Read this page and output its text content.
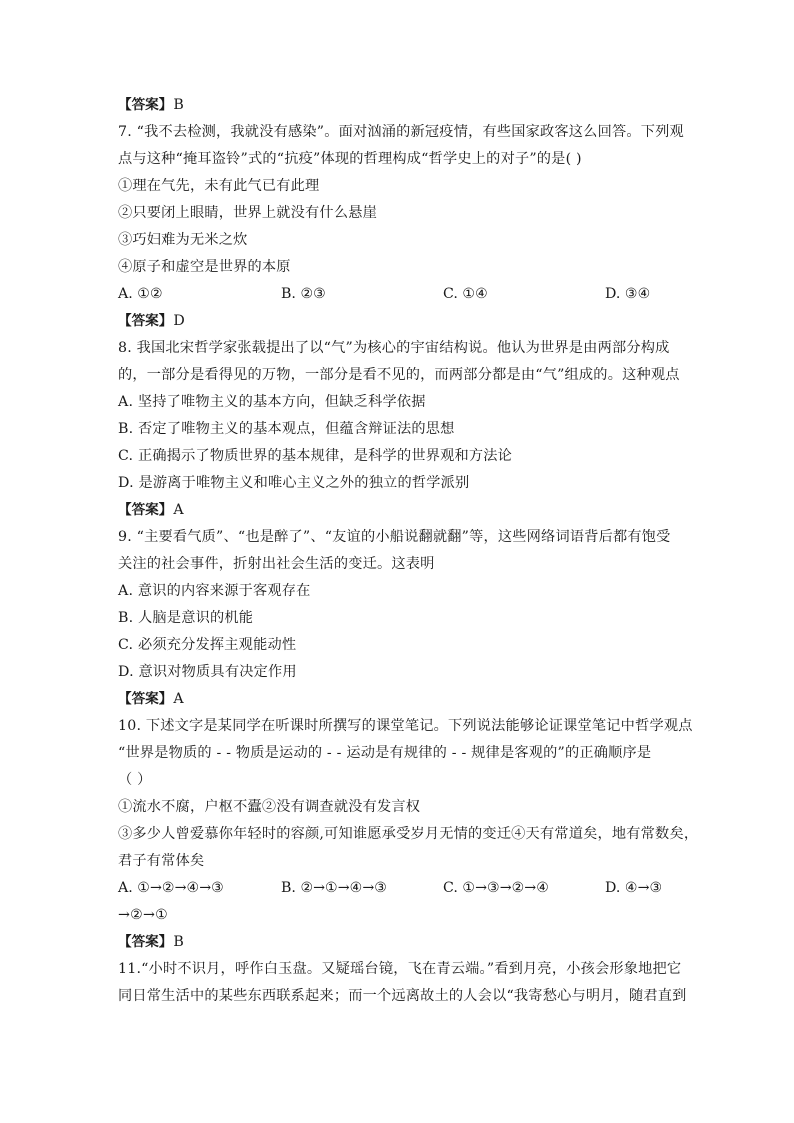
【答案】B
7. “我不去检测，我就没有感染”。面对汹涌的新冠疫情，有些国家政客这么回答。下列观
点与这种“掩耳盗铃”式的“抗疫”体现的哲理构成“哲学史上的对子”的是( )
①理在气先，未有此气已有此理
②只要闭上眼睛，世界上就没有什么悬崖
③巧妇难为无米之炊
④原子和虚空是世界的本原
A. ①②	B. ②③	C. ①④	D. ③④
【答案】D
8. 我国北宋哲学家张载提出了以“气”为核心的宇宙结构说。他认为世界是由两部分构成
的，一部分是看得见的万物，一部分是看不见的，而两部分都是由“气”组成的。这种观点
A. 坚持了唯物主义的基本方向，但缺乏科学依据
B. 否定了唯物主义的基本观点，但蕴含辩证法的思想
C. 正确揭示了物质世界的基本规律，是科学的世界观和方法论
D. 是游离于唯物主义和唯心主义之外的独立的哲学派别
【答案】A
9. “主要看气质”、“也是醉了”、“友谊的小船说翻就翻”等，这些网络词语背后都有饱受
关注的社会事件，折射出社会生活的变迁。这表明
A. 意识的内容来源于客观存在
B. 人脑是意识的机能
C. 必须充分发挥主观能动性
D. 意识对物质具有决定作用
【答案】A
10. 下述文字是某同学在听课时所撰写的课堂笔记。下列说法能够论证课堂笔记中哲学观点
“世界是物质的 - - 物质是运动的 - - 运动是有规律的 - - 规律是客观的”的正确顺序是
（ ）
①流水不腐，户枢不蠹②没有调查就没有发言权
③多少人曾爱慕你年轻时的容颜,可知谁愿承受岁月无情的变迁④天有常道矣，地有常数矣，
君子有常体矣
A. ①→②→④→③	B. ②→①→④→③	C. ①→③→②→④	D. ④→③
→②→①
【答案】B
11.“小时不识月，呼作白玉盘。又疑瑶台镜，飞在青云端。”看到月亮，小孩会形象地把它
同日常生活中的某些东西联系起来；而一个远离故土的人会以“我寄愁心与明月，随君直到
